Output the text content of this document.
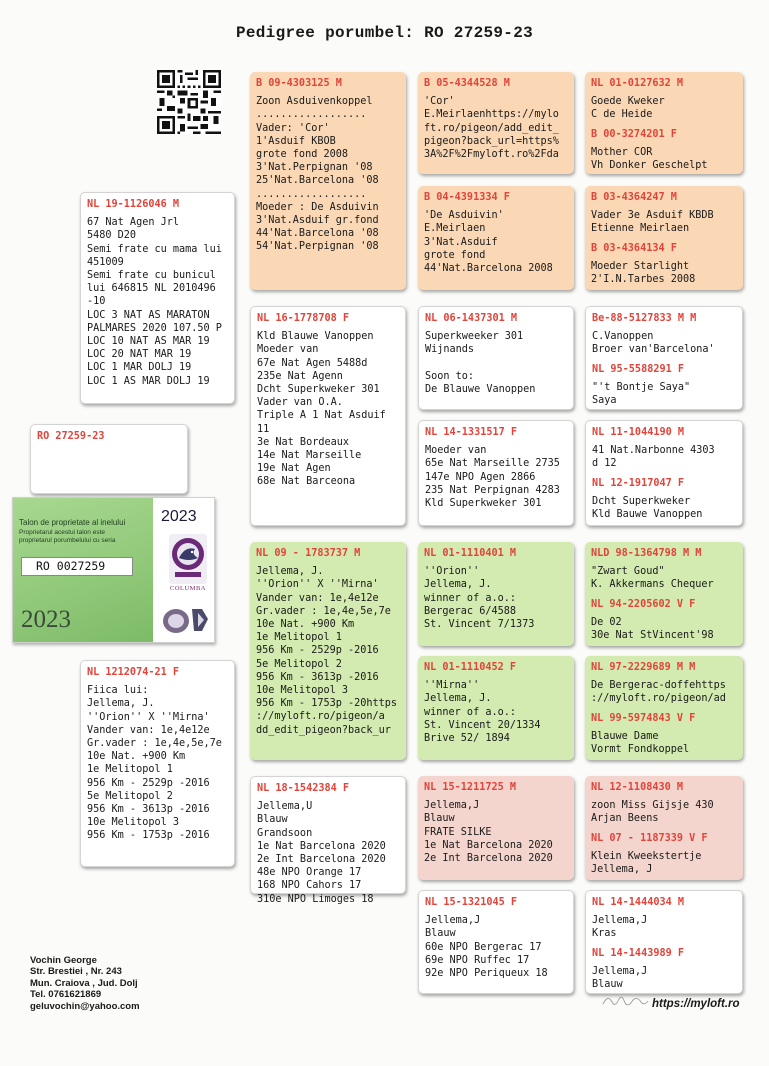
Pedigree porumbel: RO 27259-23
RO 27259-23
Talon de proprietate al inelului
Proprietarul acestui talon este
proprietarul porumbelului cu seria
RO 0027259
2023
2023
COLUMBA
NL 19-1126046 M
67 Nat Agen Jrl
5480 D20
Semi frate cu mama lui
451009
Semi frate cu bunicul
lui 646815 NL 2010496
-10
LOC 3 NAT AS MARATON
PALMARES 2020 107.50 P
LOC 10 NAT AS MAR 19
LOC 20 NAT MAR 19
LOC 1 MAR DOLJ 19
LOC 1 AS MAR DOLJ 19
NL 1212074-21 F
Fiica lui:
Jellema, J.
''Orion'' X ''Mirna'
Vander van: 1e,4e12e
Gr.vader : 1e,4e,5e,7e
10e Nat. +900 Km
1e Melitopol 1
956 Km - 2529p -2016
5e Melitopol 2
956 Km - 3613p -2016
10e Melitopol 3
956 Km - 1753p -2016
B 09-4303125 M
Zoon Asduivenkoppel
..................
Vader: 'Cor'
1'Asduif KBOB
grote fond 2008
3'Nat.Perpignan '08
25'Nat.Barcelona '08
..................
Moeder : De Asduivin
3'Nat.Asduif gr.fond
44'Nat.Barcelona '08
54'Nat.Perpignan '08
NL 16-1778708 F
Kld Blauwe Vanoppen
Moeder van
67e Nat Agen 5488d
235e Nat Agenn
Dcht Superkweker 301
Vader van O.A.
Triple A 1 Nat Asduif
11
3e Nat Bordeaux
14e Nat Marseille
19e Nat Agen
68e Nat Barceona
NL 09 - 1783737 M
Jellema, J.
''Orion'' X ''Mirna'
Vander van: 1e,4e12e
Gr.vader : 1e,4e,5e,7e
10e Nat. +900 Km
1e Melitopol 1
956 Km - 2529p -2016
5e Melitopol 2
956 Km - 3613p -2016
10e Melitopol 3
956 Km - 1753p -20https
://myloft.ro/pigeon/a
dd_edit_pigeon?back_ur
NL 18-1542384 F
Jellema,U
Blauw
Grandsoon
1e Nat Barcelona 2020
2e Int Barcelona 2020
48e NPO Orange 17
168 NPO Cahors 17
310e NPO Limoges 18
B 05-4344528 M
'Cor'
E.Meirlaenhttps://mylo
ft.ro/pigeon/add_edit_
pigeon?back_url=https%
3A%2F%2Fmyloft.ro%2Fda
B 04-4391334 F
'De Asduivin'
E.Meirlaen
3'Nat.Asduif
grote fond
44'Nat.Barcelona 2008
NL 06-1437301 M
Superkweeker 301
Wijnands

Soon to:
De Blauwe Vanoppen
NL 14-1331517 F
Moeder van
65e Nat Marseille 2735
147e NPO Agen 2866
235 Nat Perpignan 4283
Kld Superkweker 301
NL 01-1110401 M
''Orion''
Jellema, J.
winner of a.o.:
Bergerac 6/4588
St. Vincent 7/1373
NL 01-1110452 F
''Mirna''
Jellema, J.
winner of a.o.:
St. Vincent 20/1334
Brive 52/ 1894
NL 15-1211725 M
Jellema,J
Blauw
FRATE SILKE
1e Nat Barcelona 2020
2e Int Barcelona 2020
NL 15-1321045 F
Jellema,J
Blauw
60e NPO Bergerac 17
69e NPO Ruffec 17
92e NPO Periqueux 18
NL 01-0127632 M
Goede Kweker
C de Heide
B 00-3274201 F
Mother COR
Vh Donker Geschelpt
B 03-4364247 M
Vader 3e Asduif KBDB
Etienne Meirlaen
B 03-4364134 F
Moeder Starlight
2'I.N.Tarbes 2008
Be-88-5127833 M M
C.Vanoppen
Broer van'Barcelona'
NL 95-5588291 F
"'t Bontje Saya"
Saya
NL 11-1044190 M
41 Nat.Narbonne 4303
d 12
NL 12-1917047 F
Dcht Superkweker
Kld Bauwe Vanoppen
NLD 98-1364798 M M
"Zwart Goud"
K. Akkermans Chequer
NL 94-2205602 V F
De 02
30e Nat StVincent'98
NL 97-2229689 M M
De Bergerac-doffehttps
://myloft.ro/pigeon/ad
NL 99-5974843 V F
Blauwe Dame
Vormt Fondkoppel
NL 12-1108430 M
zoon Miss Gijsje 430
Arjan Beens
NL 07 - 1187339 V F
Klein Kweekstertje
Jellema, J
NL 14-1444034 M
Jellema,J
Kras
NL 14-1443989 F
Jellema,J
Blauw
Vochin George
Str. Brestiei , Nr. 243
Mun. Craiova , Jud. Dolj
Tel. 0761621869
geluvochin@yahoo.com	https://myloft.ro
